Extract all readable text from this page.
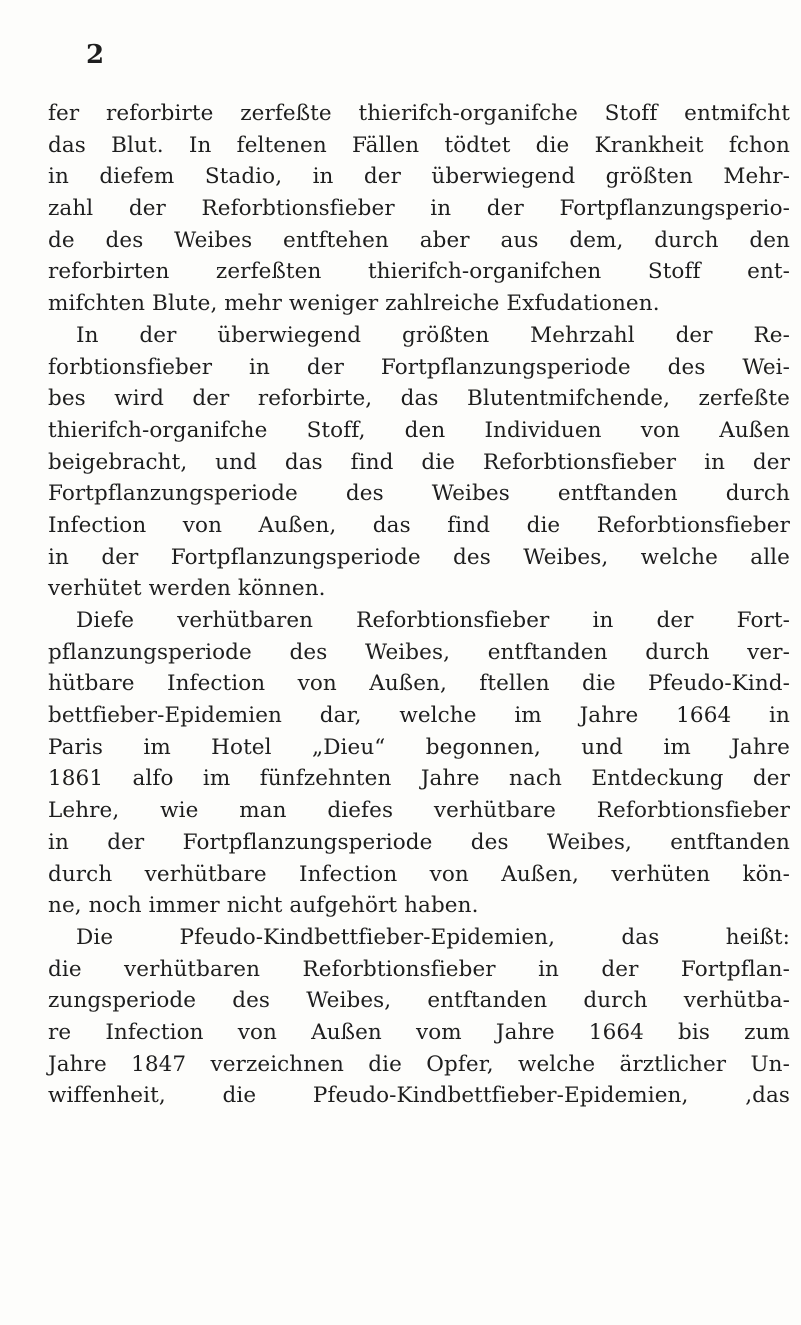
2
fer reforbirte zerfeßte thierifch-organifche Stoff entmifcht
das Blut. In feltenen Fällen tödtet die Krankheit fchon
in diefem Stadio, in der überwiegend größten Mehr-
zahl der Reforbtionsfieber in der Fortpflanzungsperio-
de des Weibes entftehen aber aus dem, durch den
reforbirten zerfeßten thierifch-organifchen Stoff ent-
mifchten Blute, mehr weniger zahlreiche Exfudationen.
In der überwiegend größten Mehrzahl der Re-
forbtionsfieber in der Fortpflanzungsperiode des Wei-
bes wird der reforbirte, das Blutentmifchende, zerfeßte
thierifch-organifche Stoff, den Individuen von Außen
beigebracht, und das find die Reforbtionsfieber in der
Fortpflanzungsperiode des Weibes entftanden durch
Infection von Außen, das find die Reforbtionsfieber
in der Fortpflanzungsperiode des Weibes, welche alle
verhütet werden können.
Diefe verhütbaren Reforbtionsfieber in der Fort-
pflanzungsperiode des Weibes, entftanden durch ver-
hütbare Infection von Außen, ftellen die Pfeudo-Kind-
bettfieber-Epidemien dar, welche im Jahre 1664 in
Paris im Hotel „Dieu“ begonnen, und im Jahre
1861 alfo im fünfzehnten Jahre nach Entdeckung der
Lehre, wie man diefes verhütbare Reforbtionsfieber
in der Fortpflanzungsperiode des Weibes, entftanden
durch verhütbare Infection von Außen, verhüten kön-
ne, noch immer nicht aufgehört haben.
Die Pfeudo-Kindbettfieber-Epidemien, das heißt:
die verhütbaren Reforbtionsfieber in der Fortpflan-
zungsperiode des Weibes, entftanden durch verhütba-
re Infection von Außen vom Jahre 1664 bis zum
Jahre 1847 verzeichnen die Opfer, welche ärztlicher Un-
wiffenheit, die Pfeudo-Kindbettfieber-Epidemien, ‚das
